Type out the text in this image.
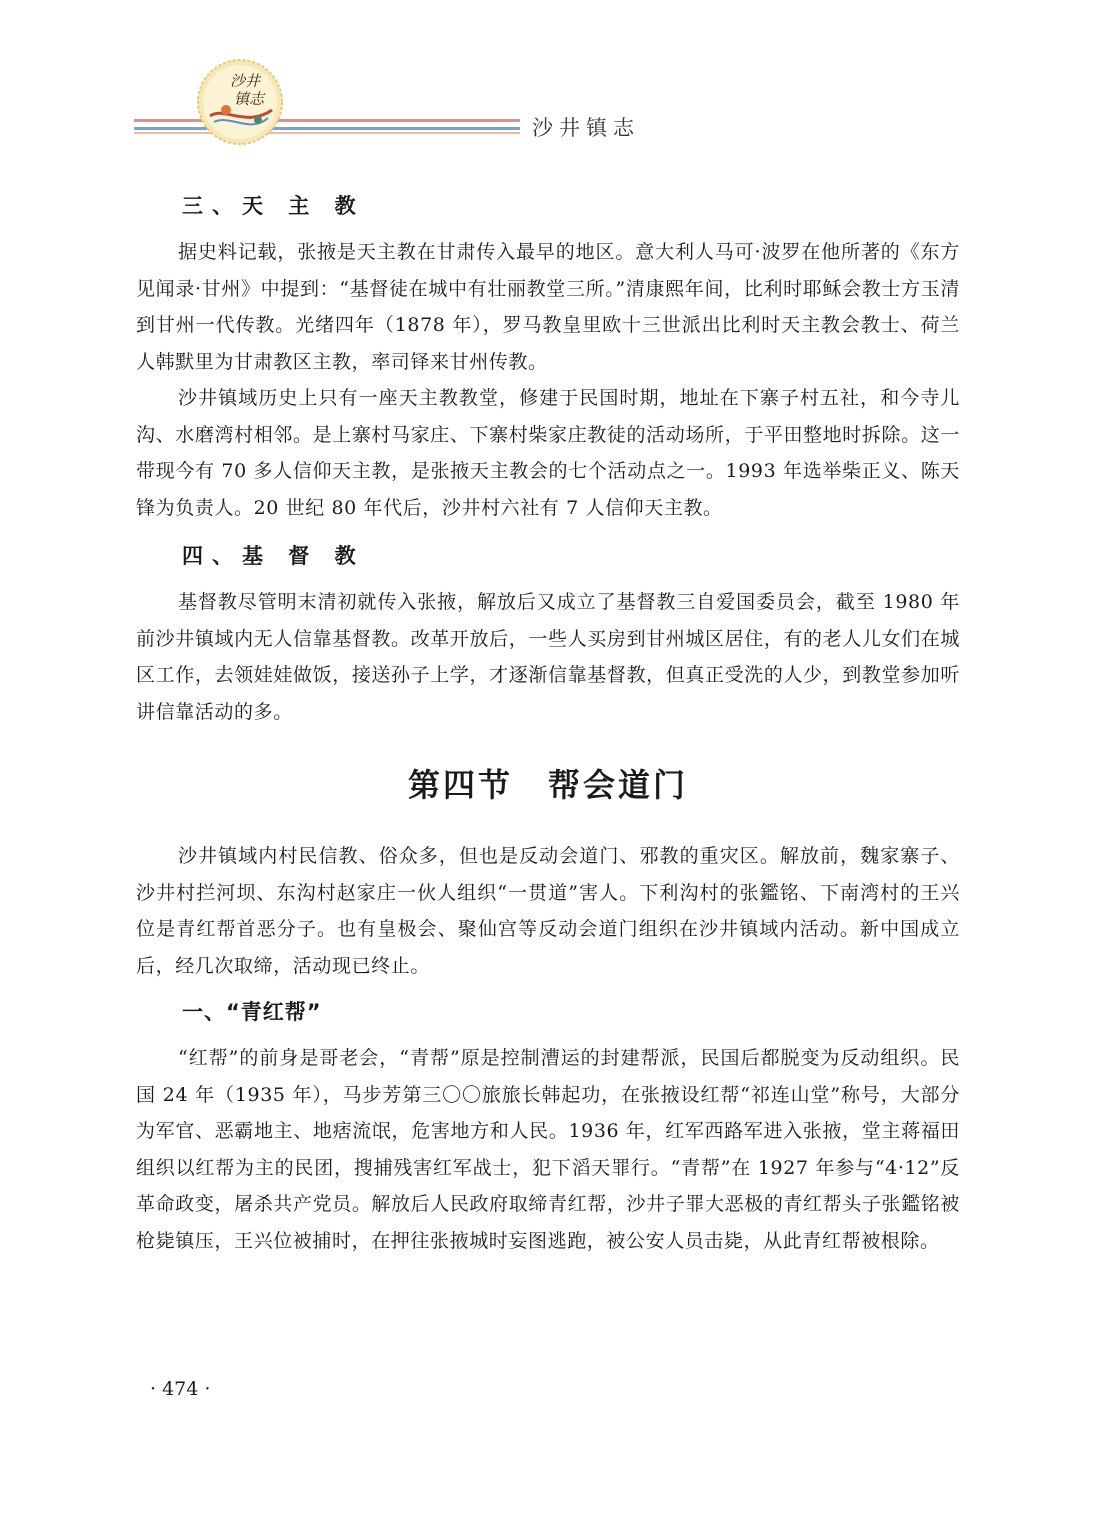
沙井
镇志
沙井镇志
三、天 主 教

据史料记载，张掖是天主教在甘肃传入最早的地区。意大利人马可·波罗在他所著的《东方见闻录·甘州》中提到：“基督徒在城中有壮丽教堂三所。”清康熙年间，比利时耶稣会教士方玉清到甘州一代传教。光绪四年（1878 年），罗马教皇里欧十三世派出比利时天主教会教士、荷兰人韩默里为甘肃教区主教，率司铎来甘州传教。

沙井镇域历史上只有一座天主教教堂，修建于民国时期，地址在下寨子村五社，和今寺儿沟、水磨湾村相邻。是上寨村马家庄、下寨村柴家庄教徒的活动场所，于平田整地时拆除。这一带现今有 70 多人信仰天主教，是张掖天主教会的七个活动点之一。1993 年选举柴正义、陈天锋为负责人。20 世纪 80 年代后，沙井村六社有 7 人信仰天主教。

四、基 督 教

基督教尽管明末清初就传入张掖，解放后又成立了基督教三自爱国委员会，截至 1980 年前沙井镇域内无人信靠基督教。改革开放后，一些人买房到甘州城区居住，有的老人儿女们在城区工作，去领娃娃做饭，接送孙子上学，才逐渐信靠基督教，但真正受洗的人少，到教堂参加听讲信靠活动的多。

第四节　帮会道门

沙井镇域内村民信教、俗众多，但也是反动会道门、邪教的重灾区。解放前，魏家寨子、沙井村拦河坝、东沟村赵家庄一伙人组织“一贯道”害人。下利沟村的张鑑铭、下南湾村的王兴位是青红帮首恶分子。也有皇极会、聚仙宫等反动会道门组织在沙井镇域内活动。新中国成立后，经几次取缔，活动现已终止。

一、“青红帮”

“红帮”的前身是哥老会，“青帮”原是控制漕运的封建帮派，民国后都脱变为反动组织。民国 24 年（1935 年），马步芳第三〇〇旅旅长韩起功，在张掖设红帮“祁连山堂”称号，大部分为军官、恶霸地主、地痞流氓，危害地方和人民。1936 年，红军西路军进入张掖，堂主蒋福田组织以红帮为主的民团，搜捕残害红军战士，犯下滔天罪行。“青帮”在 1927 年参与“4·12”反革命政变，屠杀共产党员。解放后人民政府取缔青红帮，沙井子罪大恶极的青红帮头子张鑑铭被枪毙镇压，王兴位被捕时，在押往张掖城时妄图逃跑，被公安人员击毙，从此青红帮被根除。

· 474 ·
